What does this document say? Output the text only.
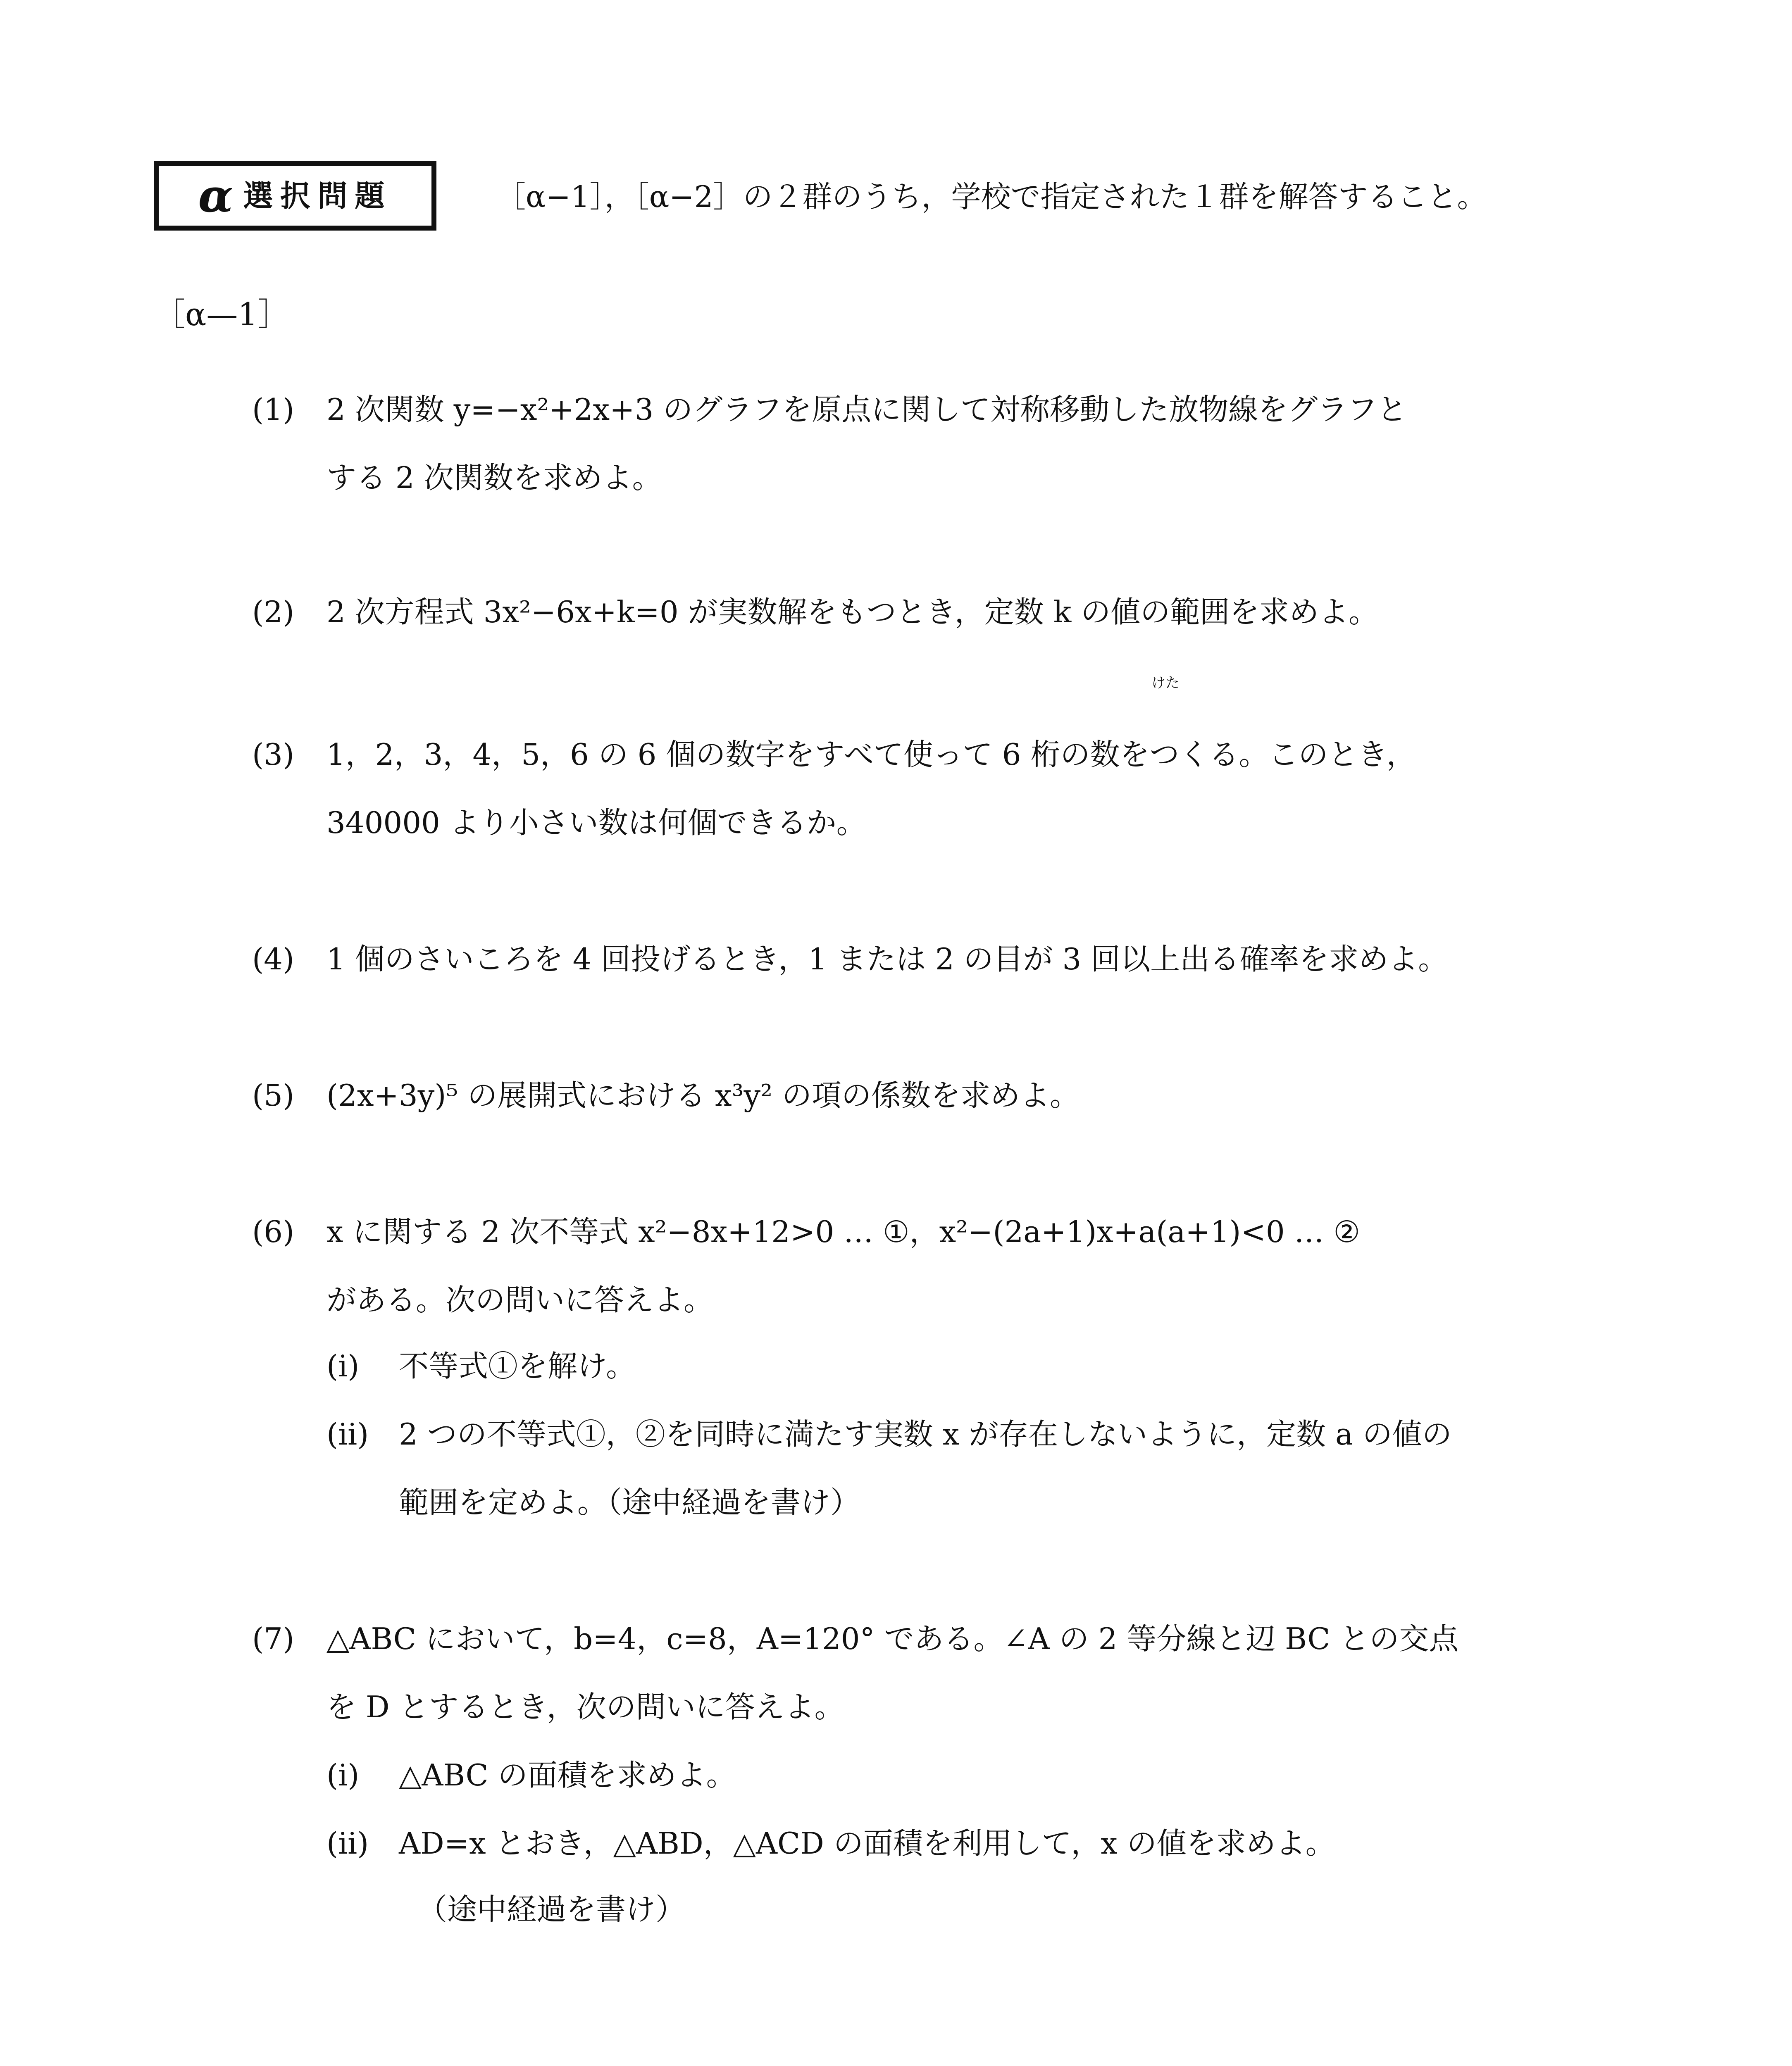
α 選択問題	［α−1］，［α−2］の２群のうち，学校で指定された１群を解答すること。
［α—1］
(1) 2 次関数 y=−x²+2x+3 のグラフを原点に関して対称移動した放物線をグラフと
する 2 次関数を求めよ。
(2) 2 次方程式 3x²−6x+k=0 が実数解をもつとき，定数 k の値の範囲を求めよ。
けた
(3) 1，2，3，4，5，6 の 6 個の数字をすべて使って 6 桁の数をつくる。このとき，
340000 より小さい数は何個できるか。
(4) 1 個のさいころを 4 回投げるとき，1 または 2 の目が 3 回以上出る確率を求めよ。
(5) (2x+3y)⁵ の展開式における x³y² の項の係数を求めよ。
(6) x に関する 2 次不等式 x²−8x+12>0 … ①，x²−(2a+1)x+a(a+1)<0 … ②
がある。次の問いに答えよ。
(i) 不等式①を解け。
(ii) 2 つの不等式①，②を同時に満たす実数 x が存在しないように，定数 a の値の
範囲を定めよ。（途中経過を書け）
(7) △ABC において，b=4，c=8，A=120° である。∠A の 2 等分線と辺 BC との交点
を D とするとき，次の問いに答えよ。
(i) △ABC の面積を求めよ。
(ii) AD=x とおき，△ABD，△ACD の面積を利用して，x の値を求めよ。
（途中経過を書け）
